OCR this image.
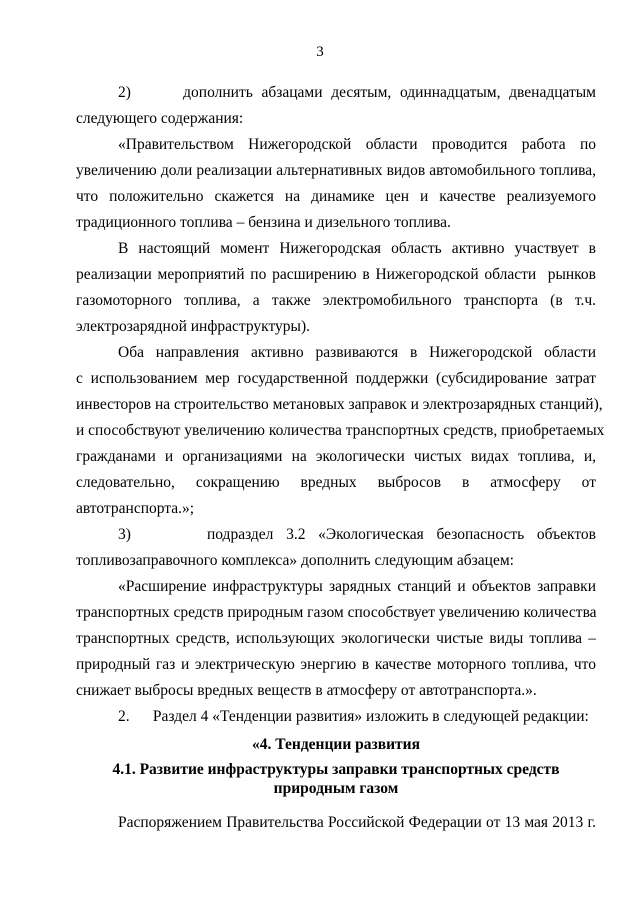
3
2)      дополнить абзацами десятым, одиннадцатым, двенадцатым
следующего содержания:
«Правительством Нижегородской области проводится работа по
увеличению доли реализации альтернативных видов автомобильного топлива,
что положительно скажется на динамике цен и качестве реализуемого
традиционного топлива – бензина и дизельного топлива.
В настоящий момент Нижегородская область активно участвует в
реализации мероприятий по расширению в Нижегородской области  рынков
газомоторного топлива, а также электромобильного транспорта (в т.ч.
электрозарядной инфраструктуры).
Оба направления активно развиваются в Нижегородской области
с использованием мер государственной поддержки (субсидирование затрат
инвесторов на строительство метановых заправок и электрозарядных станций),
и способствуют увеличению количества транспортных средств, приобретаемых
гражданами и организациями на экологически чистых видах топлива, и,
следовательно, сокращению вредных выбросов в атмосферу от
автотранспорта.»;
3)      подраздел 3.2 «Экологическая безопасность объектов
топливозаправочного комплекса» дополнить следующим абзацем:
«Расширение инфраструктуры зарядных станций и объектов заправки
транспортных средств природным газом способствует увеличению количества
транспортных средств, использующих экологически чистые виды топлива –
природный газ и электрическую энергию в качестве моторного топлива, что
снижает выбросы вредных веществ в атмосферу от автотранспорта.».
2.      Раздел 4 «Тенденции развития» изложить в следующей редакции:
«4. Тенденции развития
4.1. Развитие инфраструктуры заправки транспортных средств
природным газом
Распоряжением Правительства Российской Федерации от 13 мая 2013 г.
